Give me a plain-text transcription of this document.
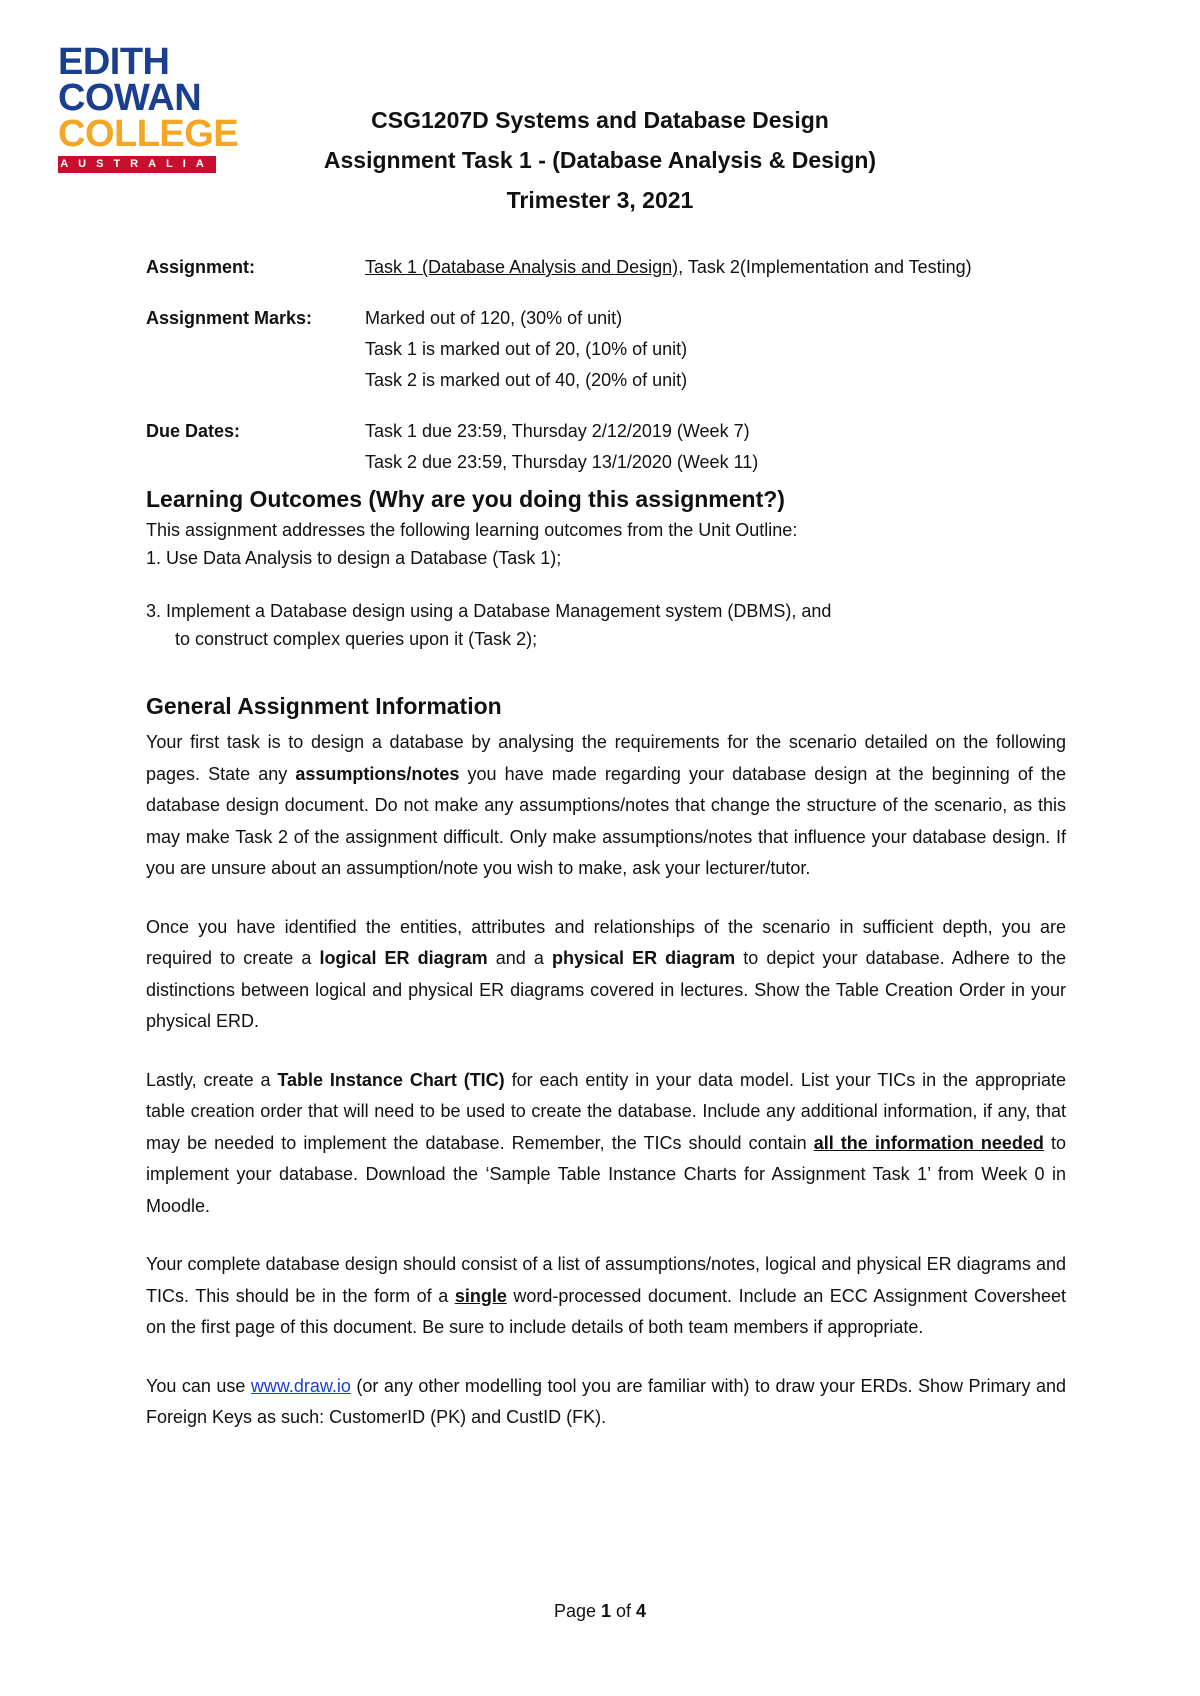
EDITH
COWAN
COLLEGE
AUSTRALIA
CSG1207D Systems and Database Design
Assignment Task 1 - (Database Analysis & Design)
Trimester 3, 2021
Assignment:	Task 1 (Database Analysis and Design), Task 2(Implementation and Testing)
Assignment Marks:	Marked out of 120, (30% of unit)
Task 1 is marked out of 20, (10% of unit)
Task 2 is marked out of 40, (20% of unit)
Due Dates:	Task 1 due 23:59, Thursday 2/12/2019 (Week 7)
Task 2 due 23:59, Thursday 13/1/2020 (Week 11)
Learning Outcomes (Why are you doing this assignment?)
This assignment addresses the following learning outcomes from the Unit Outline:
1. Use Data Analysis to design a Database (Task 1);
3. Implement a Database design using a Database Management system (DBMS), and
to construct complex queries upon it (Task 2);
General Assignment Information

Your first task is to design a database by analysing the requirements for the scenario detailed on the following pages. State any assumptions/notes you have made regarding your database design at the beginning of the database design document. Do not make any assumptions/notes that change the structure of the scenario, as this may make Task 2 of the assignment difficult. Only make assumptions/notes that influence your database design. If you are unsure about an assumption/note you wish to make, ask your lecturer/tutor.

Once you have identified the entities, attributes and relationships of the scenario in sufficient depth, you are required to create a logical ER diagram and a physical ER diagram to depict your database. Adhere to the distinctions between logical and physical ER diagrams covered in lectures. Show the Table Creation Order in your physical ERD.

Lastly, create a Table Instance Chart (TIC) for each entity in your data model. List your TICs in the appropriate table creation order that will need to be used to create the database. Include any additional information, if any, that may be needed to implement the database. Remember, the TICs should contain all the information needed to implement your database. Download the ‘Sample Table Instance Charts for Assignment Task 1’ from Week 0 in Moodle.

Your complete database design should consist of a list of assumptions/notes, logical and physical ER diagrams and TICs. This should be in the form of a single word-processed document. Include an ECC Assignment Coversheet on the first page of this document. Be sure to include details of both team members if appropriate.

You can use www.draw.io (or any other modelling tool you are familiar with) to draw your ERDs. Show Primary and Foreign Keys as such: CustomerID (PK) and CustID (FK).

Page 1 of 4
